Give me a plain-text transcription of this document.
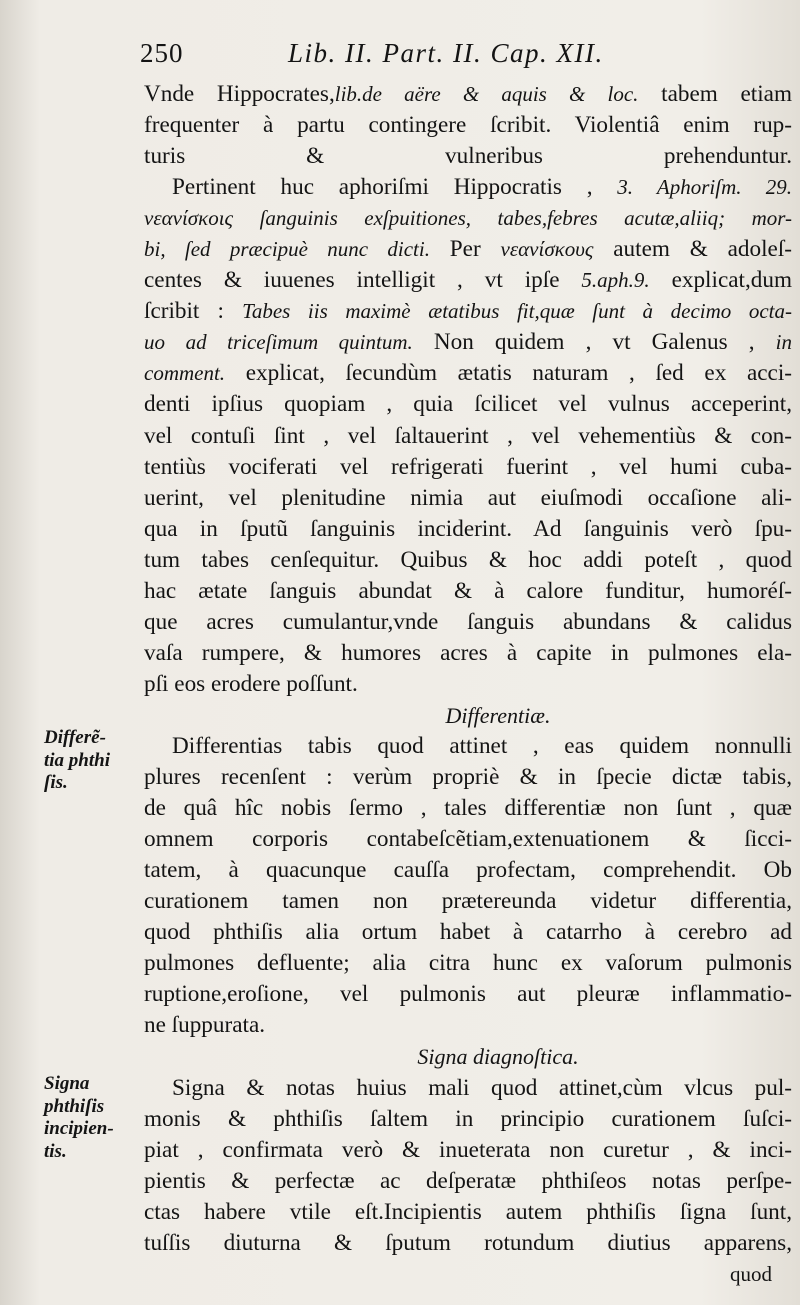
250	Lib. II. Part. II. Cap. XII.
Vnde Hippocrates,lib.de aëre & aquis & loc. tabem etiam
frequenter à partu contingere ſcribit. Violentiâ enim rup-
turis & vulneribus prehenduntur.
Pertinent huc aphoriſmi Hippocratis , 3. Aphoriſm. 29.
νεανίσκοις ſanguinis exſpuitiones, tabes,febres acutæ,aliiq; mor-
bi, ſed præcipuè nunc dicti. Per νεανίσκους autem & adoleſ-
centes & iuuenes intelligit , vt ipſe 5.aph.9. explicat,dum
ſcribit : Tabes iis maximè ætatibus fit,quæ ſunt à decimo octa-
uo ad triceſimum quintum. Non quidem , vt Galenus , in
comment. explicat, ſecundùm ætatis naturam , ſed ex acci-
denti ipſius quopiam , quia ſcilicet vel vulnus acceperint,
vel contuſi ſint , vel ſaltauerint , vel vehementiùs & con-
tentiùs vociferati vel refrigerati fuerint , vel humi cuba-
uerint, vel plenitudine nimia aut eiuſmodi occaſione ali-
qua in ſputũ ſanguinis inciderint. Ad ſanguinis verò ſpu-
tum tabes cenſequitur. Quibus & hoc addi poteſt , quod
hac ætate ſanguis abundat & à calore funditur, humoréſ-
que acres cumulantur,vnde ſanguis abundans & calidus
vaſa rumpere, & humores acres à capite in pulmones ela-
pſi eos erodere poſſunt.
Differentiæ.
Differentias tabis quod attinet , eas quidem nonnulli
plures recenſent : verùm propriè & in ſpecie dictæ tabis,
de quâ hîc nobis ſermo , tales differentiæ non ſunt , quæ
omnem corporis contabeſcẽtiam,extenuationem & ſicci-
tatem, à quacunque cauſſa profectam, comprehendit. Ob
curationem tamen non prætereunda videtur differentia,
quod phthiſis alia ortum habet à catarrho à cerebro ad
pulmones defluente; alia citra hunc ex vaſorum pulmonis
ruptione,eroſione, vel pulmonis aut pleuræ inflammatio-
ne ſuppurata.
Signa diagnoſtica.
Signa & notas huius mali quod attinet,cùm vlcus pul-
monis & phthiſis ſaltem in principio curationem ſuſci-
piat , confirmata verò & inueterata non curetur , & inci-
pientis & perfectæ ac deſperatæ phthiſeos notas perſpe-
ctas habere vtile eſt.Incipientis autem phthiſis ſigna ſunt,
tuſſis diuturna & ſputum rotundum diutius apparens,
Differẽ-
tia phthi
ſis.
Signa
phthiſis
incipien-
tis.
quod
